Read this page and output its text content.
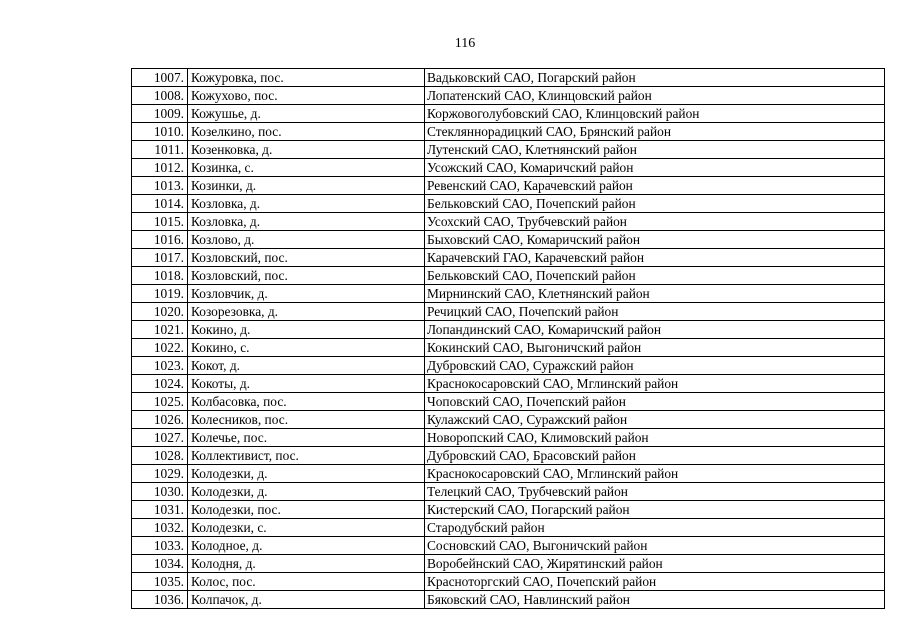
116
1007.	Кожуровка, пос.	Вадьковский САО, Погарский район
1008.	Кожухово, пос.	Лопатенский САО, Клинцовский район
1009.	Кожушье, д.	Коржовоголубовский САО, Клинцовский район
1010.	Козелкино, пос.	Стекляннорадицкий САО, Брянский район
1011.	Козенковка, д.	Лутенский САО, Клетнянский район
1012.	Козинка, с.	Усожский САО, Комаричский район
1013.	Козинки, д.	Ревенский САО, Карачевский район
1014.	Козловка, д.	Бельковский САО, Почепский район
1015.	Козловка, д.	Усохский САО, Трубчевский район
1016.	Козлово, д.	Быховский САО, Комаричский район
1017.	Козловский, пос.	Карачевский ГАО, Карачевский район
1018.	Козловский, пос.	Бельковский САО, Почепский район
1019.	Козловчик, д.	Мирнинский САО, Клетнянский район
1020.	Козорезовка, д.	Речицкий САО, Почепский район
1021.	Кокино, д.	Лопандинский САО, Комаричский район
1022.	Кокино, с.	Кокинский САО, Выгоничский район
1023.	Кокот, д.	Дубровский САО, Суражский район
1024.	Кокоты, д.	Краснокосаровский САО, Мглинский район
1025.	Колбасовка, пос.	Чоповский САО, Почепский район
1026.	Колесников, пос.	Кулажский САО, Суражский район
1027.	Колечье, пос.	Новоропский САО, Климовский район
1028.	Коллективист, пос.	Дубровский САО, Брасовский район
1029.	Колодезки, д.	Краснокосаровский САО, Мглинский район
1030.	Колодезки, д.	Телецкий САО, Трубчевский район
1031.	Колодезки, пос.	Кистерский САО, Погарский район
1032.	Колодезки, с.	Стародубский район
1033.	Колодное, д.	Сосновский САО, Выгоничский район
1034.	Колодня, д.	Воробейнский САО, Жирятинский район
1035.	Колос, пос.	Красноторгский САО, Почепский район
1036.	Колпачок, д.	Бяковский САО, Навлинский район
